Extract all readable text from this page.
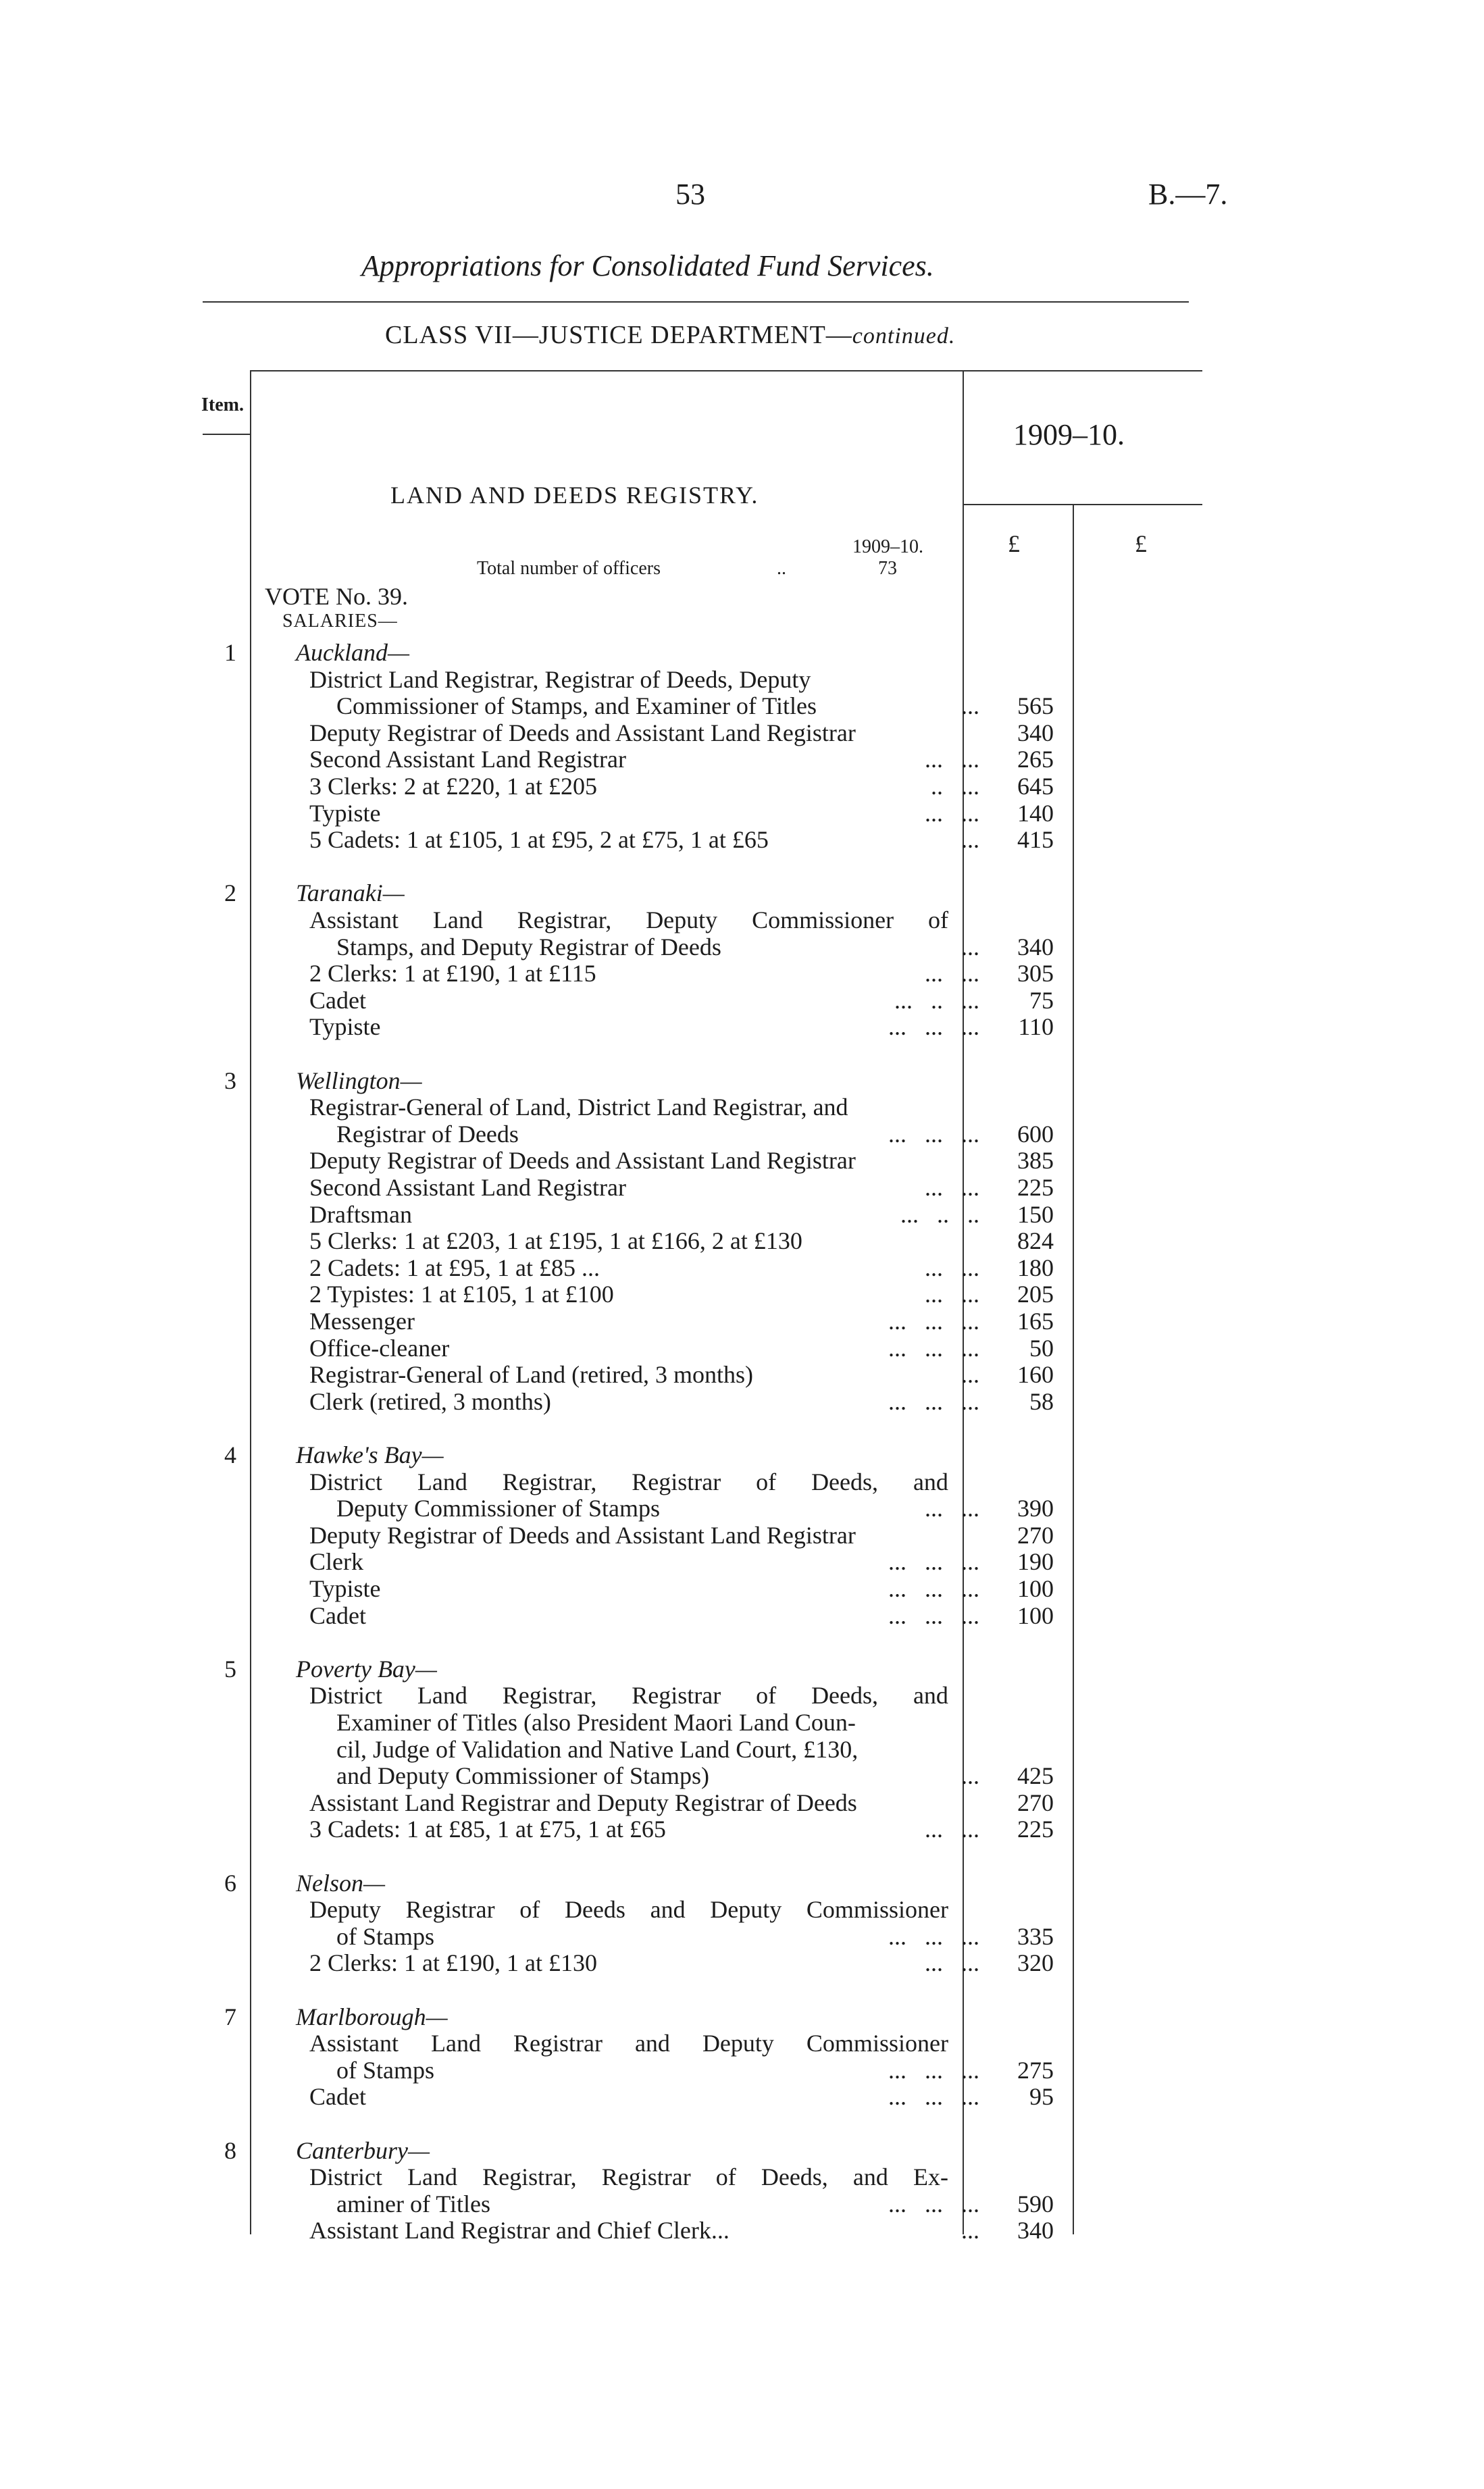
53	B.—7.
Appropriations for Consolidated Fund Services.
CLASS VII—JUSTICE DEPARTMENT—continued.
Item.
1909–10.
LAND AND DEEDS REGISTRY.
1909–10.
Total number of officers	..	73
£	£
VOTE No. 39.
SALARIES—
1 Auckland—
District Land Registrar, Registrar of Deeds, Deputy
Commissioner of Stamps, and Examiner of Titles	...	565
Deputy Registrar of Deeds and Assistant Land Registrar	340
Second Assistant Land Registrar	...   ...	265
3 Clerks: 2 at £220, 1 at £205	..   ...	645
Typiste	...   ...	140
5 Cadets: 1 at £105, 1 at £95, 2 at £75, 1 at £65	...	415
2 Taranaki—
Assistant Land Registrar, Deputy Commissioner of
Stamps, and Deputy Registrar of Deeds	...	340
2 Clerks: 1 at £190, 1 at £115	...   ...	305
Cadet	...   ..   ...	75
Typiste	...   ...   ...	110
3 Wellington—
Registrar-General of Land, District Land Registrar, and
Registrar of Deeds	...   ...   ...	600
Deputy Registrar of Deeds and Assistant Land Registrar	385
Second Assistant Land Registrar	...   ...	225
Draftsman	...   ..   ..	150
5 Clerks: 1 at £203, 1 at £195, 1 at £166, 2 at £130	824
2 Cadets: 1 at £95, 1 at £85 ...	...   ...	180
2 Typistes: 1 at £105, 1 at £100	...   ...	205
Messenger	...   ...   ...	165
Office-cleaner	...   ...   ...	50
Registrar-General of Land (retired, 3 months)	...	160
Clerk (retired, 3 months)	...   ...   ...	58
4 Hawke's Bay—
District Land Registrar, Registrar of Deeds, and
Deputy Commissioner of Stamps	...   ...	390
Deputy Registrar of Deeds and Assistant Land Registrar	270
Clerk	...   ...   ...	190
Typiste	...   ...   ...	100
Cadet	...   ...   ...	100
5 Poverty Bay—
District Land Registrar, Registrar of Deeds, and
Examiner of Titles (also President Maori Land Coun-
cil, Judge of Validation and Native Land Court, £130,
and Deputy Commissioner of Stamps)	...	425
Assistant Land Registrar and Deputy Registrar of Deeds	270
3 Cadets: 1 at £85, 1 at £75, 1 at £65	...   ...	225
6 Nelson—
Deputy Registrar of Deeds and Deputy Commissioner
of Stamps	...   ...   ...	335
2 Clerks: 1 at £190, 1 at £130	...   ...	320
7 Marlborough—
Assistant Land Registrar and Deputy Commissioner
of Stamps	...   ...   ...	275
Cadet	...   ...   ...	95
8 Canterbury—
District Land Registrar, Registrar of Deeds, and Ex-
aminer of Titles	...   ...   ...	590
Assistant Land Registrar and Chief Clerk...	...	340
